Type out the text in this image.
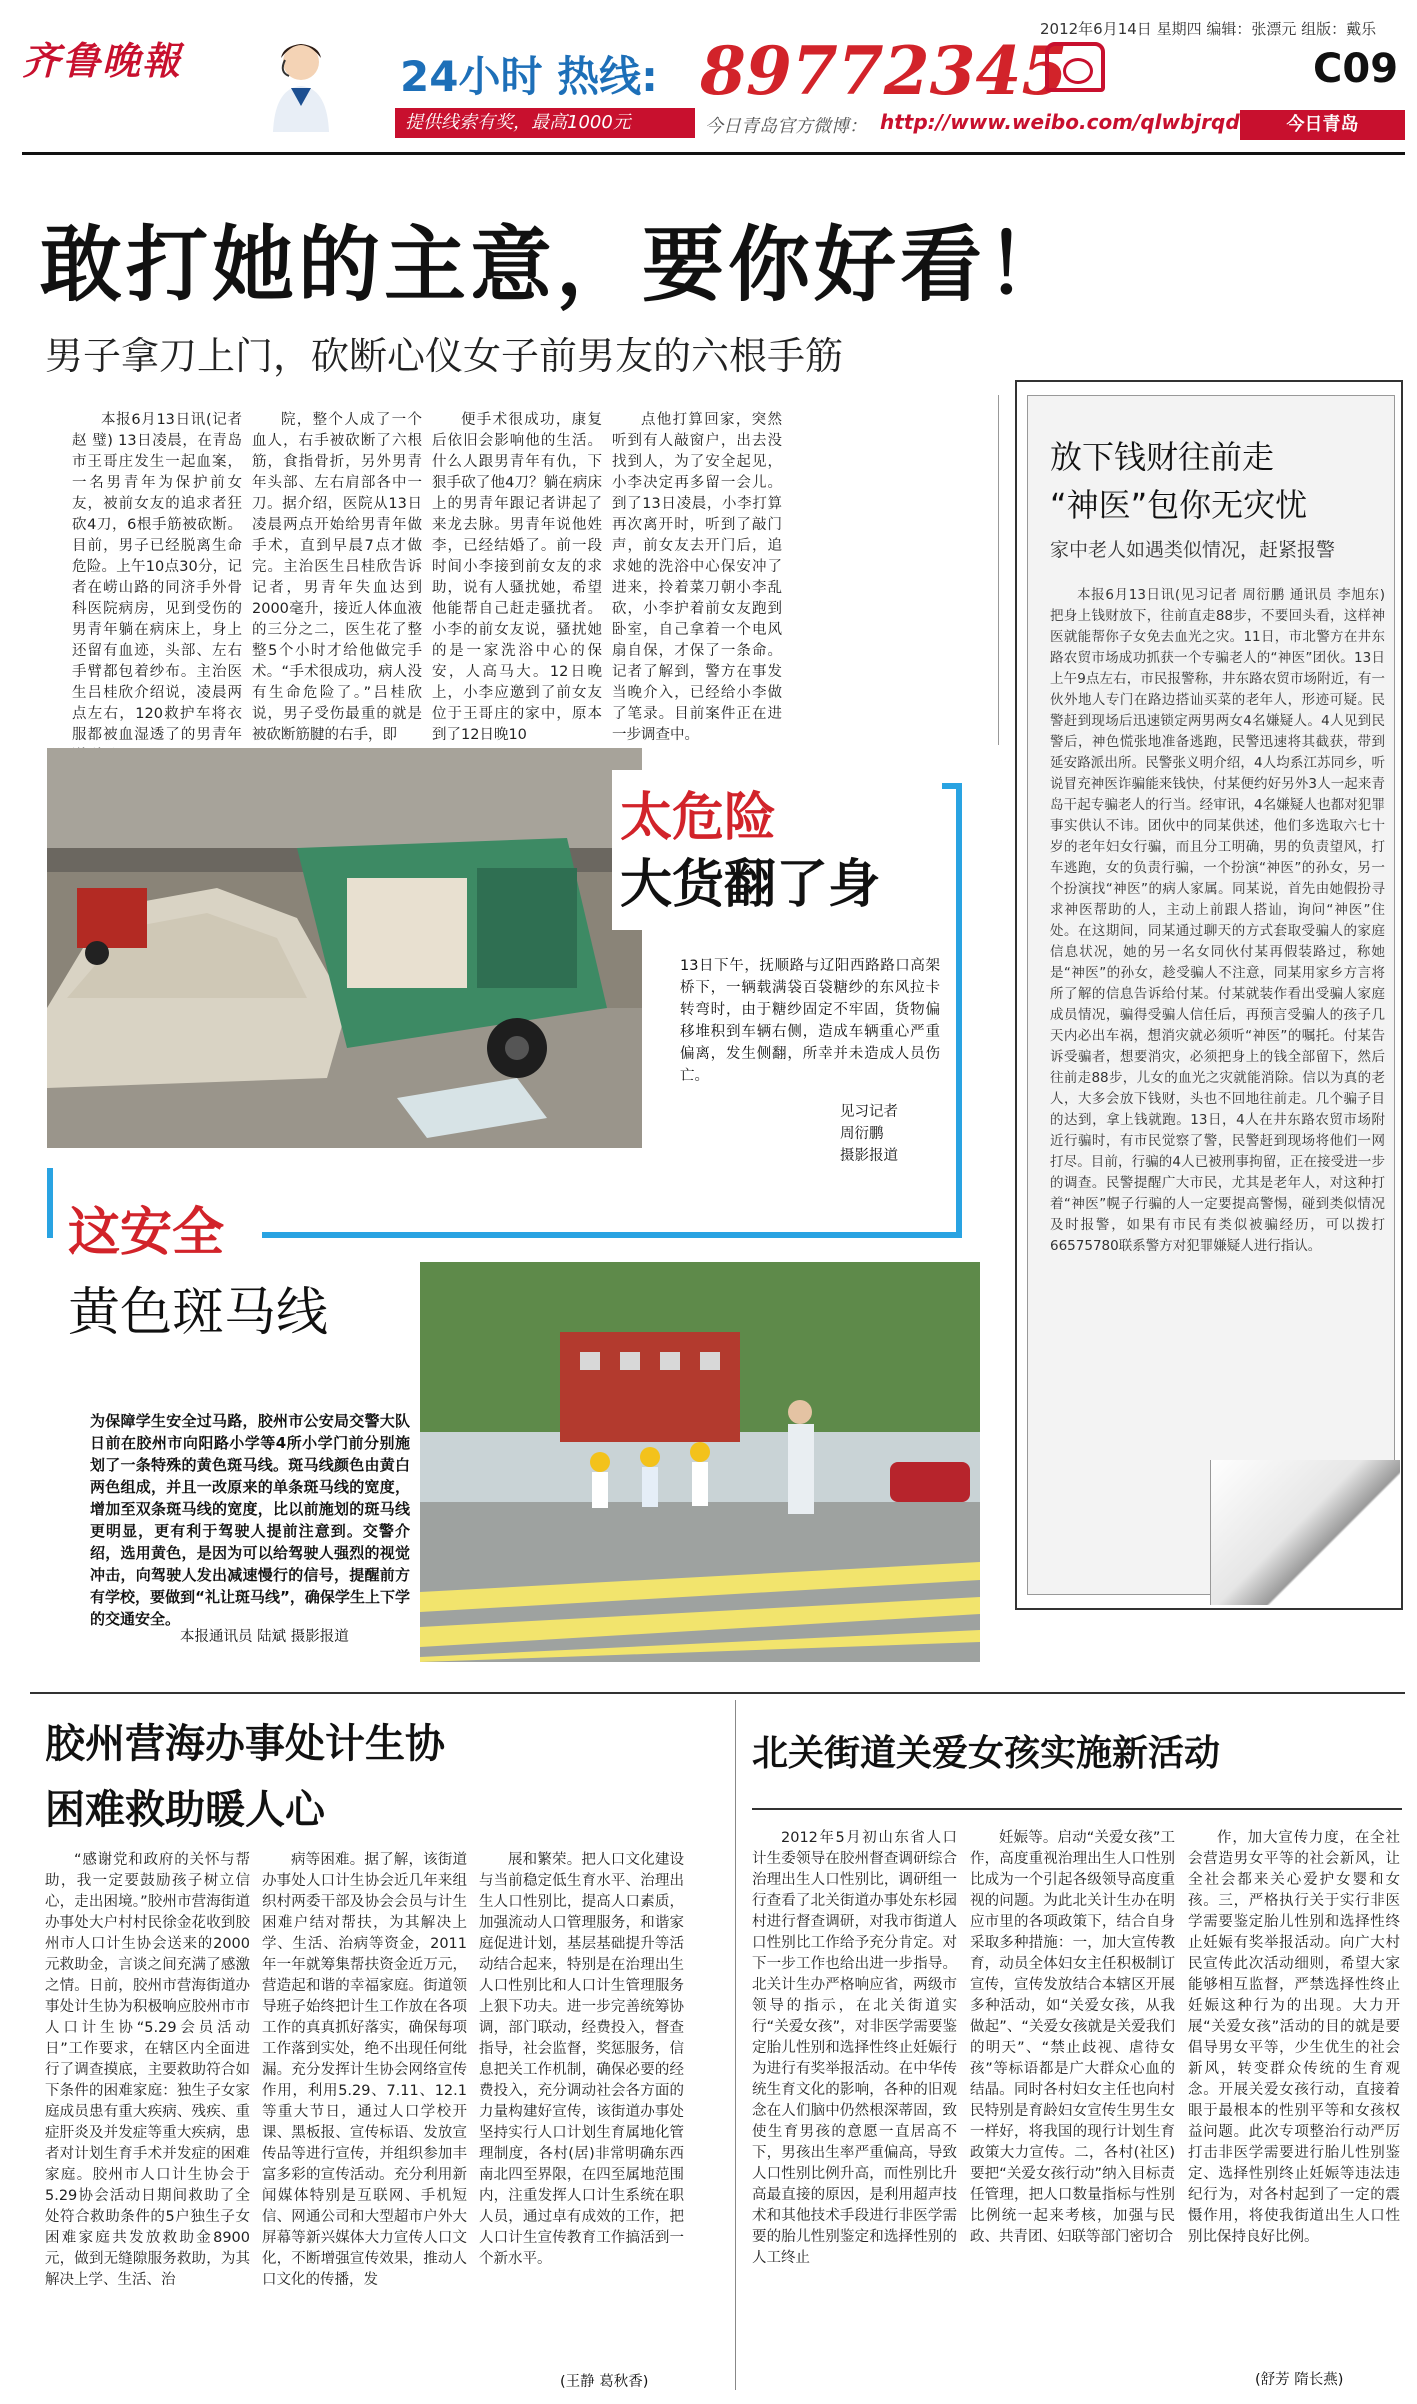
齐鲁晚報	24小时 热线: 89772345
提供线索有奖，最高1000元	今日青岛官方微博： http://www.weibo.com/qlwbjrqd
2012年6月14日 星期四 编辑：张漂元 组版：戴乐
C09
今日青岛
敢打她的主意，要你好看！
男子拿刀上门，砍断心仪女子前男友的六根手筋

本报6月13日讯(记者 赵 璧) 13日凌晨，在青岛市王哥庄发生一起血案，一名男青年为保护前女友，被前女友的追求者狂砍4刀，6根手筋被砍断。目前，男子已经脱离生命危险。上午10点30分，记者在崂山路的同济手外骨科医院病房，见到受伤的男青年躺在病床上，身上还留有血迹，头部、左右手臂都包着纱布。主治医生吕桂欣介绍说，凌晨两点左右，120救护车将衣服都被血湿透了的男青年

院，整个人成了一个血人，右手被砍断了六根筋，食指骨折，另外男青年头部、左右肩部各中一刀。据介绍，医院从13日凌晨两点开始给男青年做手术，直到早晨7点才做完。主治医生吕桂欣告诉记者，男青年失血达到2000毫升，接近人体血液的三分之二，医生花了整整5个小时才给他做完手术。“手术很成功，病人没有生命危险了。”吕桂欣说，男子受伤最重的就是被砍断筋腱的右手，即

便手术很成功，康复后依旧会影响他的生活。什么人跟男青年有仇，下狠手砍了他4刀？躺在病床上的男青年跟记者讲起了来龙去脉。男青年说他姓李，已经结婚了。前一段时间小李接到前女友的求助，说有人骚扰她，希望他能帮自己赶走骚扰者。小李的前女友说，骚扰她的是一家洗浴中心的保安，人高马大。12日晚上，小李应邀到了前女友位于王哥庄的家中，原本到了12日晚10

点他打算回家，突然听到有人敲窗户，出去没找到人，为了安全起见，小李决定再多留一会儿。到了13日凌晨，小李打算再次离开时，听到了敲门声，前女友去开门后，追求她的洗浴中心保安冲了进来，拎着菜刀朝小李乱砍，小李护着前女友跑到卧室，自己拿着一个电风扇自保，才保了一条命。记者了解到，警方在事发当晚介入，已经给小李做了笔录。目前案件正在进一步调查中。

放下钱财往前走
“神医”包你无灾忧
家中老人如遇类似情况，赶紧报警

本报6月13日讯(见习记者 周衍鹏 通讯员 李旭东) 把身上钱财放下，往前直走88步，不要回头看，这样神医就能帮你子女免去血光之灾。11日，市北警方在井东路农贸市场成功抓获一个专骗老人的“神医”团伙。13日上午9点左右，市民报警称，井东路农贸市场附近，有一伙外地人专门在路边搭讪买菜的老年人，形迹可疑。民警赶到现场后迅速锁定两男两女4名嫌疑人。4人见到民警后，神色慌张地准备逃跑，民警迅速将其截获，带到延安路派出所。民警张义明介绍，4人均系江苏同乡，听说冒充神医诈骗能来钱快，付某便约好另外3人一起来青岛干起专骗老人的行当。经审讯，4名嫌疑人也都对犯罪事实供认不讳。团伙中的同某供述，他们多选取六七十岁的老年妇女行骗，而且分工明确，男的负责望风，打车逃跑，女的负责行骗，一个扮演“神医”的孙女，另一个扮演找“神医”的病人家属。同某说，首先由她假扮寻求神医帮助的人，主动上前跟人搭讪，询问“神医”住处。在这期间，同某通过聊天的方式套取受骗人的家庭信息状况，她的另一名女同伙付某再假装路过，称她是“神医”的孙女，趁受骗人不注意，同某用家乡方言将所了解的信息告诉给付某。付某就装作看出受骗人家庭成员情况，骗得受骗人信任后，再预言受骗人的孩子几天内必出车祸，想消灾就必须听“神医”的嘱托。付某告诉受骗者，想要消灾，必须把身上的钱全部留下，然后往前走88步，儿女的血光之灾就能消除。信以为真的老人，大多会放下钱财，头也不回地往前走。几个骗子目的达到，拿上钱就跑。13日，4人在井东路农贸市场附近行骗时，有市民觉察了警，民警赶到现场将他们一网打尽。目前，行骗的4人已被刑事拘留，正在接受进一步的调查。民警提醒广大市民，尤其是老年人，对这种打着“神医”幌子行骗的人一定要提高警惕，碰到类似情况及时报警，如果有市民有类似被骗经历，可以拨打66575780联系警方对犯罪嫌疑人进行指认。

太危险
大货翻了身
13日下午，抚顺路与辽阳西路路口高架桥下，一辆载满袋百袋糖纱的东风拉卡转弯时，由于糖纱固定不牢固，货物偏移堆积到车辆右侧，造成车辆重心严重偏离，发生侧翻，所幸并未造成人员伤亡。
见习记者
周衍鹏
摄影报道
这安全
黄色斑马线
为保障学生安全过马路，胶州市公安局交警大队日前在胶州市向阳路小学等4所小学门前分别施划了一条特殊的黄色斑马线。斑马线颜色由黄白两色组成，并且一改原来的单条斑马线的宽度，增加至双条斑马线的宽度，比以前施划的斑马线更明显，更有利于驾驶人提前注意到。交警介绍，选用黄色，是因为可以给驾驶人强烈的视觉冲击，向驾驶人发出减速慢行的信号，提醒前方有学校，要做到“礼让斑马线”，确保学生上下学的交通安全。
本报通讯员 陆斌 摄影报道
胶州营海办事处计生协
困难救助暖人心

“感谢党和政府的关怀与帮助，我一定要鼓励孩子树立信心，走出困境。”胶州市营海街道办事处大户村村民徐金花收到胶州市人口计生协会送来的2000元救助金，言谈之间充满了感激之情。日前，胶州市营海街道办事处计生协为积极响应胶州市市人口计生协“5.29会员活动日”工作要求，在辖区内全面进行了调查摸底，主要救助符合如下条件的困难家庭：独生子女家庭成员患有重大疾病、残疾、重症肝炎及并发症等重大疾病，患者对计划生育手术并发症的困难家庭。胶州市人口计生协会于5.29协会活动日期间救助了全处符合救助条件的5户独生子女困难家庭共发放救助金8900元，做到无缝隙服务救助，为其解决上学、生活、治

病等困难。据了解，该街道办事处人口计生协会近几年来组织村两委干部及协会会员与计生困难户结对帮扶，为其解决上学、生活、治病等资金，2011年一年就筹集帮扶资金近万元，营造起和谐的幸福家庭。街道领导班子始终把计生工作放在各项工作的真真抓好落实，确保每项工作落到实处，绝不出现任何纰漏。充分发挥计生协会网络宣传作用，利用5.29、7.11、12.1等重大节日，通过人口学校开课、黑板报、宣传标语、发放宣传品等进行宣传，并组织参加丰富多彩的宣传活动。充分利用新闻媒体特别是互联网、手机短信、网通公司和大型超市户外大屏幕等新兴媒体大力宣传人口文化，不断增强宣传效果，推动人口文化的传播，发

展和繁荣。把人口文化建设与当前稳定低生育水平、治理出生人口性别比，提高人口素质，加强流动人口管理服务，和谐家庭促进计划，基层基础提升等活动结合起来，特别是在治理出生人口性别比和人口计生管理服务上狠下功夫。进一步完善统筹协调，部门联动，经费投入，督查指导，社会监督，奖惩服务，信息把关工作机制，确保必要的经费投入，充分调动社会各方面的力量构建好宣传，该街道办事处坚持实行人口计划生育属地化管理制度，各村(居)非常明确东西南北四至界限，在四至属地范围内，注重发挥人口计生系统在职人员，通过卓有成效的工作，把人口计生宣传教育工作搞活到一个新水平。

(王静 葛秋香)
北关街道关爱女孩实施新活动

2012年5月初山东省人口计生委领导在胶州督查调研综合治理出生人口性别比，调研组一行查看了北关街道办事处东杉园村进行督查调研，对我市街道人口性别比工作给予充分肯定。对下一步工作也给出进一步指导。北关计生办严格响应省，两级市领导的指示，在北关街道实行“关爱女孩”，对非医学需要鉴定胎儿性别和选择性终止妊娠行为进行有奖举报活动。在中华传统生育文化的影响，各种的旧观念在人们脑中仍然根深蒂固，致使生育男孩的意愿一直居高不下，男孩出生率严重偏高，导致人口性别比例升高，而性别比升高最直接的原因，是利用超声技术和其他技术手段进行非医学需要的胎儿性别鉴定和选择性别的人工终止

妊娠等。启动“关爱女孩”工作，高度重视治理出生人口性别比成为一个引起各级领导高度重视的问题。为此北关计生办在明应市里的各项政策下，结合自身采取多种措施：一，加大宣传教育，动员全体妇女主任积极制订宣传，宣传发放结合本辖区开展多种活动，如“关爱女孩，从我做起”、“关爱女孩就是关爱我们的明天”、“禁止歧视、虐待女孩”等标语都是广大群众心血的结晶。同时各村妇女主任也向村民特别是育龄妇女宣传生男生女一样好，将我国的现行计划生育政策大力宣传。二，各村(社区)要把“关爱女孩行动”纳入目标责任管理，把人口数量指标与性别比例统一起来考核，加强与民政、共青团、妇联等部门密切合

作，加大宣传力度，在全社会营造男女平等的社会新风，让全社会都来关心爱护女婴和女孩。三，严格执行关于实行非医学需要鉴定胎儿性别和选择性终止妊娠有奖举报活动。向广大村民宣传此次活动细则，希望大家能够相互监督，严禁选择性终止妊娠这种行为的出现。大力开展“关爱女孩”活动的目的就是要倡导男女平等，少生优生的社会新风，转变群众传统的生育观念。开展关爱女孩行动，直接着眼于最根本的性别平等和女孩权益问题。此次专项整治行动严厉打击非医学需要进行胎儿性别鉴定、选择性别终止妊娠等违法违纪行为，对各村起到了一定的震慑作用，将使我街道出生人口性别比保持良好比例。

(舒芳 隋长燕)
